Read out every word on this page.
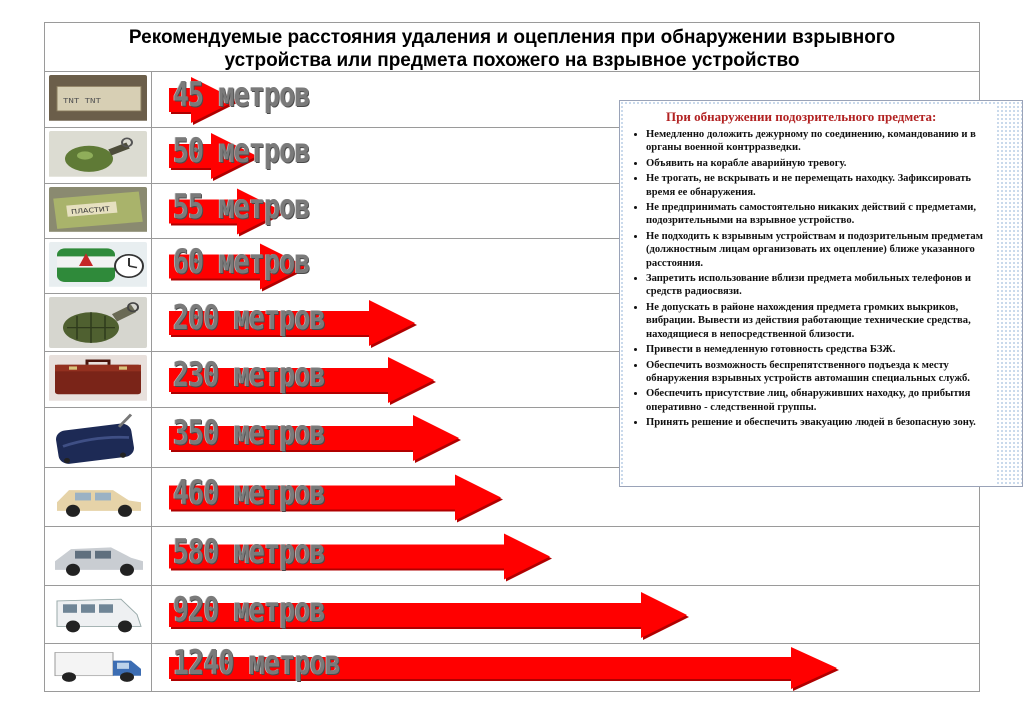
Рекомендуемые расстояния удаления и оцепления при обнаружении взрывного
устройства или предмета похожего на взрывное устройство
TNT TNT 45 метров
50 метров
ПЛАСТИТ 55 метров
60 метров
200 метров
230 метров
350 метров
460 метров
580 метров
920 метров
1240 метров
При обнаружении подозрительного предмета:
• Немедленно доложить дежурному по соединению, командованию и в органы военной контрразведки.
• Объявить на корабле аварийную тревогу.
• Не трогать, не вскрывать и не перемещать находку. Зафиксировать время ее обнаружения.
• Не предпринимать самостоятельно никаких действий с предметами, подозрительными на взрывное устройство.
• Не подходить к взрывным устройствам и подозрительным предметам (должностным лицам организовать их оцепление) ближе указанного расстояния.
• Запретить использование вблизи предмета мобильных телефонов и средств радиосвязи.
• Не допускать в районе нахождения предмета громких выкриков, вибрации. Вывести из действия работающие технические средства, находящиеся в непосредственной близости.
• Привести в немедленную готовность средства БЗЖ.
• Обеспечить возможность беспрепятственного подъезда к месту обнаружения взрывных устройств автомашин специальных служб.
• Обеспечить присутствие лиц, обнаруживших находку, до прибытия оперативно - следственной группы.
• Принять решение и обеспечить эвакуацию людей в безопасную зону.
